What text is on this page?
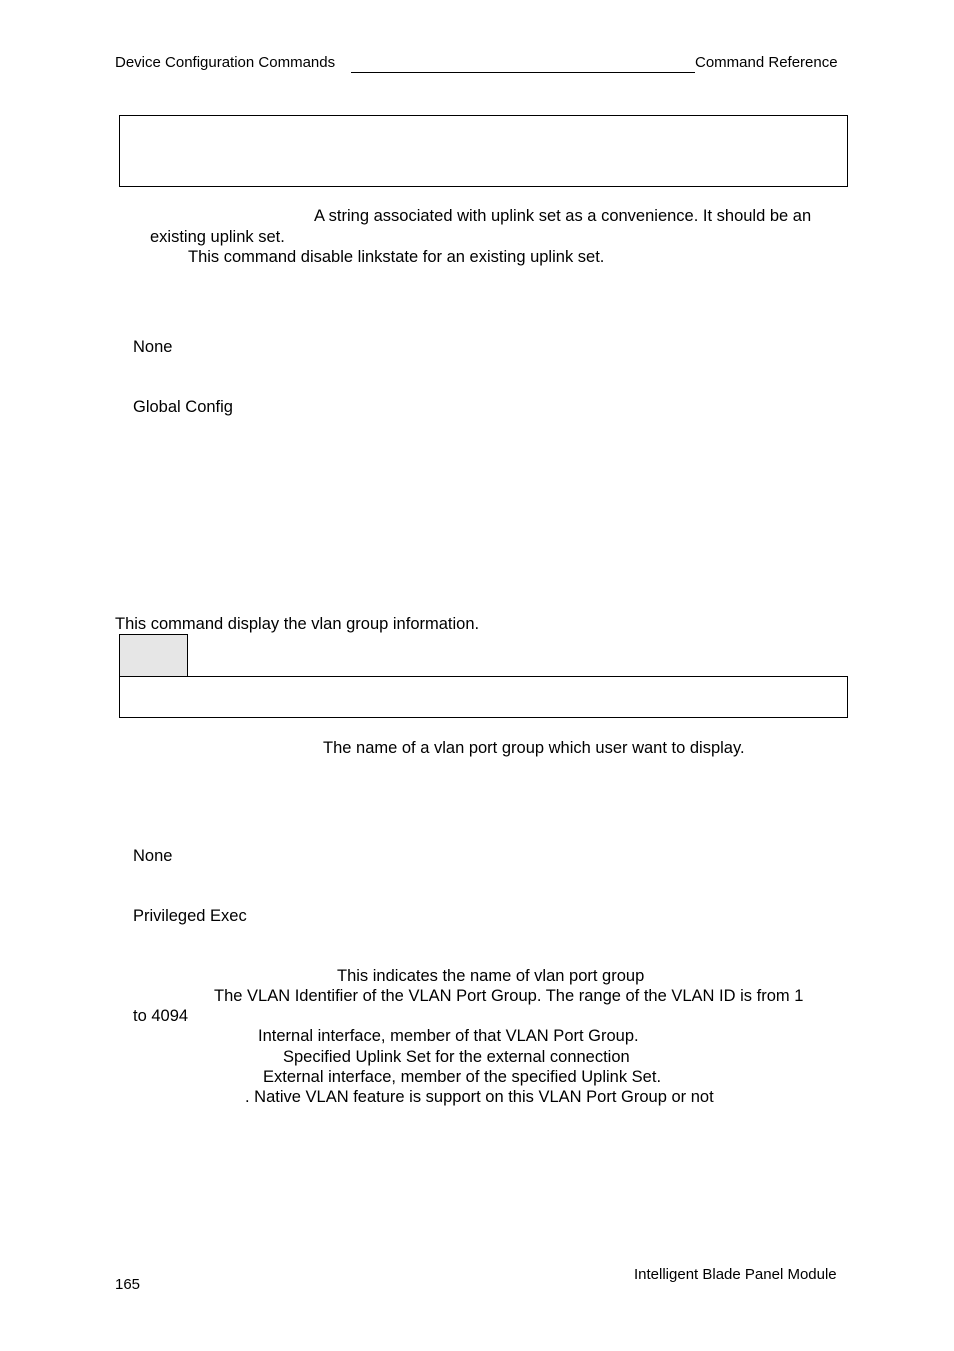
Device Configuration Commands	Command Reference
A string associated with uplink set as a convenience. It should be an
existing uplink set.
This command disable linkstate for an existing uplink set.
None
Global Config
This command display the vlan group information.
The name of a vlan port group which user want to display.
None
Privileged Exec
This indicates the name of vlan port group
The VLAN Identifier of the VLAN Port Group. The range of the VLAN ID is from 1
to 4094
Internal interface, member of that VLAN Port Group.
Specified Uplink Set for the external connection
External interface, member of the specified Uplink Set.
. Native VLAN feature is support on this VLAN Port Group or not
165
Intelligent Blade Panel Module
